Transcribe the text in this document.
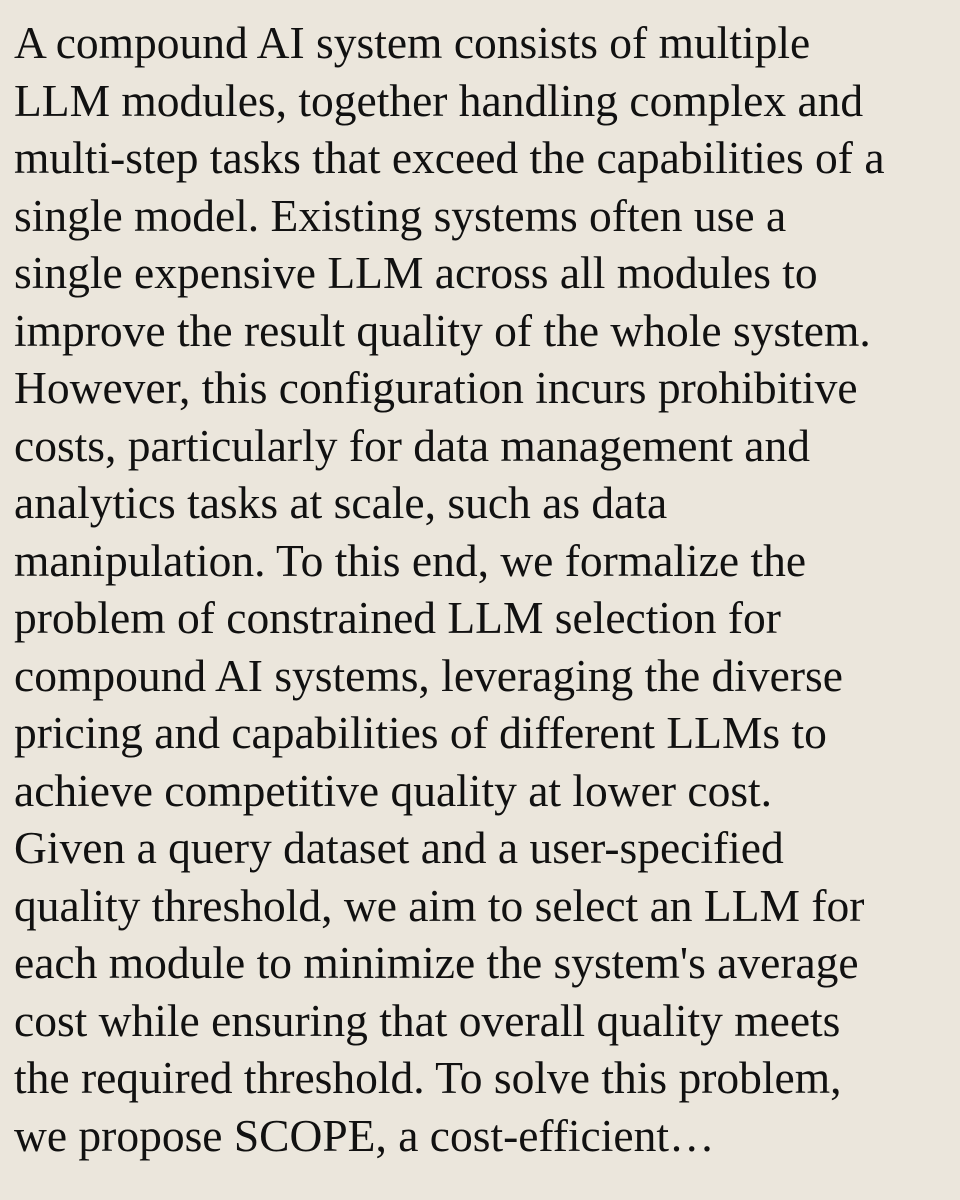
A compound AI system consists of multiple
LLM modules, together handling complex and
multi-step tasks that exceed the capabilities of a
single model. Existing systems often use a
single expensive LLM across all modules to
improve the result quality of the whole system.
However, this configuration incurs prohibitive
costs, particularly for data management and
analytics tasks at scale, such as data
manipulation. To this end, we formalize the
problem of constrained LLM selection for
compound AI systems, leveraging the diverse
pricing and capabilities of different LLMs to
achieve competitive quality at lower cost.
Given a query dataset and a user-specified
quality threshold, we aim to select an LLM for
each module to minimize the system's average
cost while ensuring that overall quality meets
the required threshold. To solve this problem,
we propose SCOPE, a cost-efficient…
